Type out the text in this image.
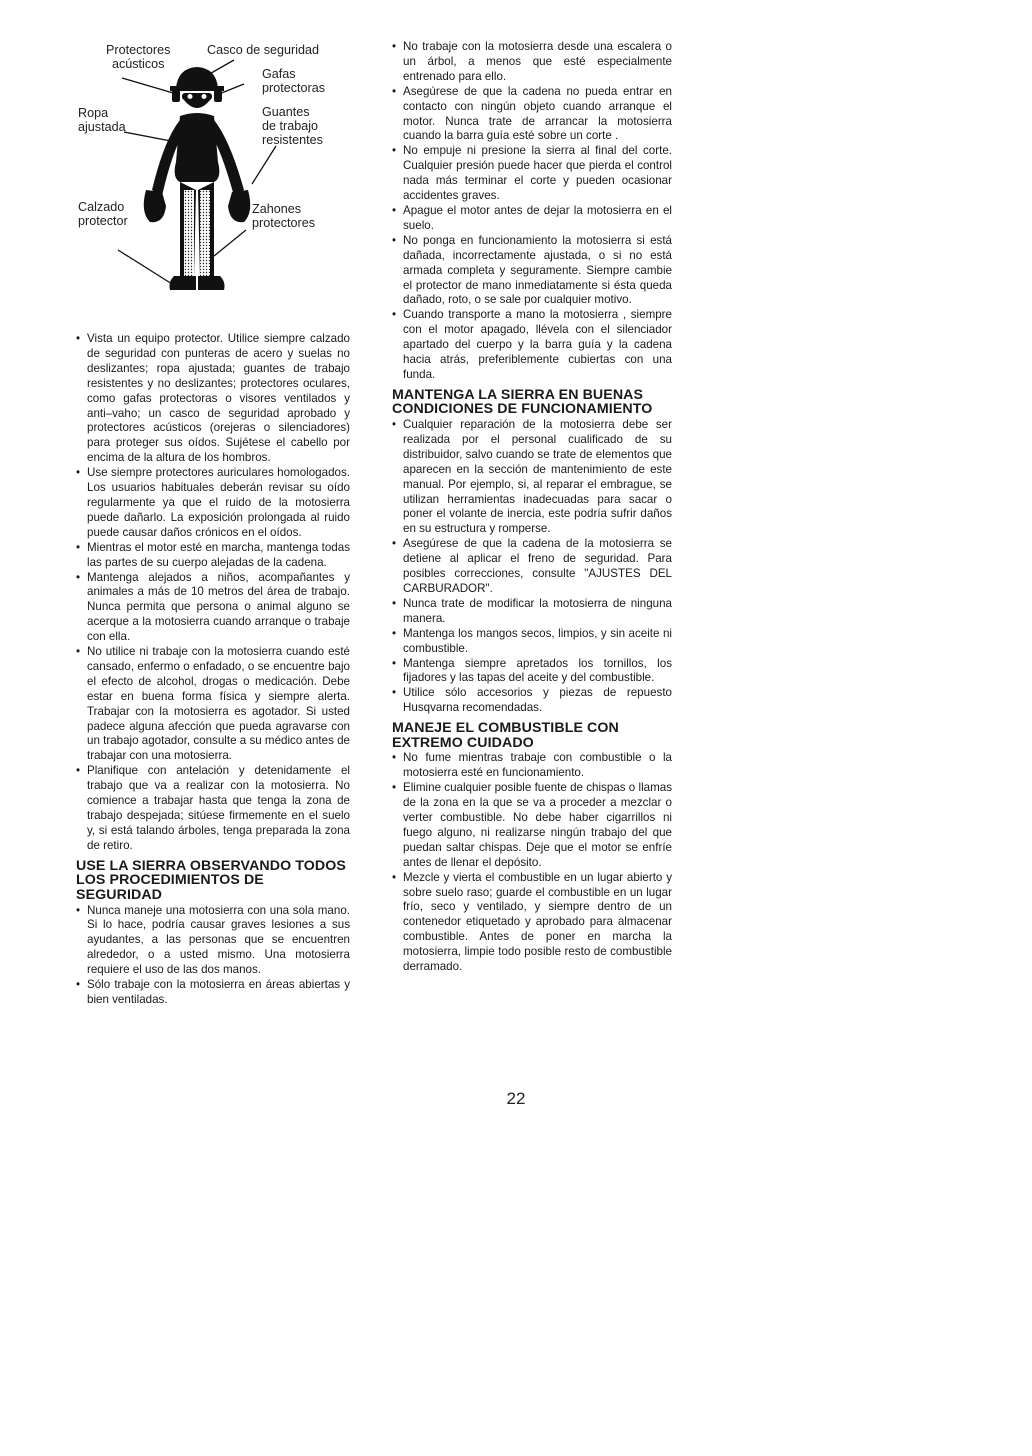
Protectores
acústicos
Casco de seguridad
Gafas
protectoras
Ropa
ajustada
Guantes
de trabajo
resistentes
Calzado
protector
Zahones
protectores
• Vista un equipo protector. Utilice siempre calzado de seguridad con punteras de acero y suelas no deslizantes; ropa ajustada; guantes de trabajo resistentes y no deslizantes; protectores oculares, como gafas protectoras o visores ventilados y anti–vaho; un casco de seguridad aprobado y protectores acústicos (orejeras o silenciadores) para proteger sus oídos. Sujétese el cabello por encima de la altura de los hombros.
• Use siempre protectores auriculares homologados. Los usuarios habituales deberán revisar su oído regularmente ya que el ruido de la motosierra puede dañarlo. La exposición prolongada al ruido puede causar daños crónicos en el oídos.
• Mientras el motor esté en marcha, mantenga todas las partes de su cuerpo alejadas de la cadena.
• Mantenga alejados a niños, acompañantes y animales a más de 10 metros del área de trabajo. Nunca permita que persona o animal alguno se acerque a la motosierra cuando arranque o trabaje con ella.
• No utilice ni trabaje con la motosierra cuando esté cansado, enfermo o enfadado, o se encuentre bajo el efecto de alcohol, drogas o medicación. Debe estar en buena forma física y siempre alerta. Trabajar con la motosierra es agotador. Si usted padece alguna afección que pueda agravarse con un trabajo agotador, consulte a su médico antes de trabajar con una motosierra.
• Planifique con antelación y detenidamente el trabajo que va a realizar con la motosierra. No comience a trabajar hasta que tenga la zona de trabajo despejada; sitúese firmemente en el suelo y, si está talando árboles, tenga preparada la zona de retiro.
USE LA SIERRA OBSERVANDO TODOS LOS PROCEDIMIENTOS DE SEGURIDAD
• Nunca maneje una motosierra con una sola mano. Si lo hace, podría causar graves lesiones a sus ayudantes, a las personas que se encuentren alrededor, o a usted mismo. Una motosierra requiere el uso de las dos manos.
• Sólo trabaje con la motosierra en áreas abiertas y bien ventiladas.
• No trabaje con la motosierra desde una escalera o un árbol, a menos que esté especialmente entrenado para ello.
• Asegúrese de que la cadena no pueda entrar en contacto con ningún objeto cuando arranque el motor. Nunca trate de arrancar la motosierra cuando la barra guía esté sobre un corte .
• No empuje ni presione la sierra al final del corte. Cualquier presión puede hacer que pierda el control nada más terminar el corte y pueden ocasionar accidentes graves.
• Apague el motor antes de dejar la motosierra en el suelo.
• No ponga en funcionamiento la motosierra si está dañada, incorrectamente ajustada, o si no está armada completa y seguramente. Siempre cambie el protector de mano inmediatamente si ésta queda dañado, roto, o se sale por cualquier motivo.
• Cuando transporte a mano la motosierra , siempre con el motor apagado, llévela con el silenciador apartado del cuerpo y la barra guía y la cadena hacia atrás, preferiblemente cubiertas con una funda.
MANTENGA LA SIERRA EN BUENAS CONDICIONES DE FUNCIONAMIENTO
• Cualquier reparación de la motosierra debe ser realizada por el personal cualificado de su distribuidor, salvo cuando se trate de elementos que aparecen en la sección de mantenimiento de este manual. Por ejemplo, si, al reparar el embrague, se utilizan herramientas inadecuadas para sacar o poner el volante de inercia, este podría sufrir daños en su estructura y romperse.
• Asegúrese de que la cadena de la motosierra se detiene al aplicar el freno de seguridad. Para posibles correcciones, consulte "AJUSTES DEL CARBURADOR".
• Nunca trate de modificar la motosierra de ninguna manera.
• Mantenga los mangos secos, limpios, y sin aceite ni combustible.
• Mantenga siempre apretados los tornillos, los fijadores y las tapas del aceite y del combustible.
• Utilice sólo accesorios y piezas de repuesto Husqvarna recomendadas.
MANEJE EL COMBUSTIBLE CON EXTREMO CUIDADO
• No fume mientras trabaje con combustible o la motosierra esté en funcionamiento.
• Elimine cualquier posible fuente de chispas o llamas de la zona en la que se va a proceder a mezclar o verter combustible. No debe haber cigarrillos ni fuego alguno, ni realizarse ningún trabajo del que puedan saltar chispas. Deje que el motor se enfríe antes de llenar el depósito.
• Mezcle y vierta el combustible en un lugar abierto y sobre suelo raso; guarde el combustible en un lugar frío, seco y ventilado, y siempre dentro de un contenedor etiquetado y aprobado para almacenar combustible. Antes de poner en marcha la motosierra, limpie todo posible resto de combustible derramado.
22
